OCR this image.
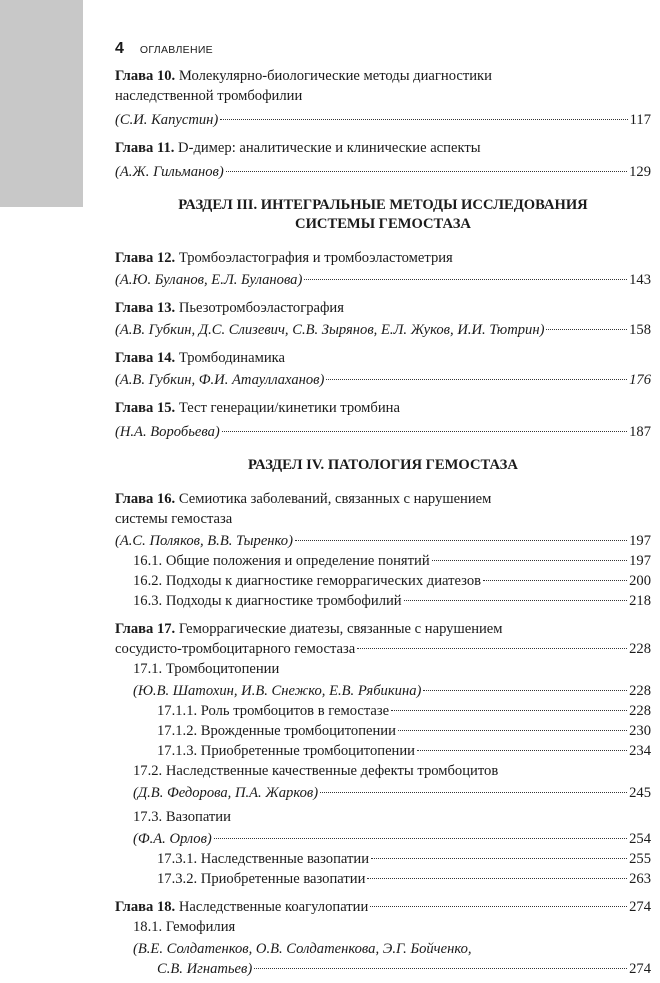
4 ОГЛАВЛЕНИЕ
Глава 10.
Молекулярно-биологические методы диагностики
наследственной тромбофилии
(С.И. Капустин)	117
Глава 11.
D-димер: аналитические и клинические аспекты
(А.Ж. Гильманов)	129
РАЗДЕЛ III. ИНТЕГРАЛЬНЫЕ МЕТОДЫ ИССЛЕДОВАНИЯ
СИСТЕМЫ ГЕМОСТАЗА
Глава 12.
Тромбоэластография и тромбоэластометрия
(А.Ю. Буланов, Е.Л. Буланова)	143
Глава 13.
Пьезотромбоэластография
(А.В. Губкин, Д.С. Слизевич, С.В. Зырянов, Е.Л. Жуков, И.И. Тютрин)	158
Глава 14.
Тромбодинамика
(А.В. Губкин, Ф.И. Атауллаханов)	176
Глава 15.
Тест генерации/кинетики тромбина
(Н.А. Воробьева)	187
РАЗДЕЛ IV. ПАТОЛОГИЯ ГЕМОСТАЗА
Глава 16.
Семиотика заболеваний, связанных с нарушением
системы гемостаза
(А.С. Поляков, В.В. Тыренко)	197
16.1. Общие положения и определение понятий	197
16.2. Подходы к диагностике геморрагических диатезов	200
16.3. Подходы к диагностике тромбофилий	218
Глава 17.
Геморрагические диатезы, связанные с нарушением
сосудисто-тромбоцитарного гемостаза	228
17.1. Тромбоцитопении
(Ю.В. Шатохин, И.В. Снежко, Е.В. Рябикина)	228
17.1.1. Роль тромбоцитов в гемостазе	228
17.1.2. Врожденные тромбоцитопении	230
17.1.3. Приобретенные тромбоцитопении	234
17.2. Наследственные качественные дефекты тромбоцитов
(Д.В. Федорова, П.А. Жарков)	245
17.3. Вазопатии
(Ф.А. Орлов)	254
17.3.1. Наследственные вазопатии	255
17.3.2. Приобретенные вазопатии	263
Глава 18.
Наследственные коагулопатии	274
18.1. Гемофилия
(В.Е. Солдатенков, О.В. Солдатенкова, Э.Г. Бойченко,
С.В. Игнатьев)	274
